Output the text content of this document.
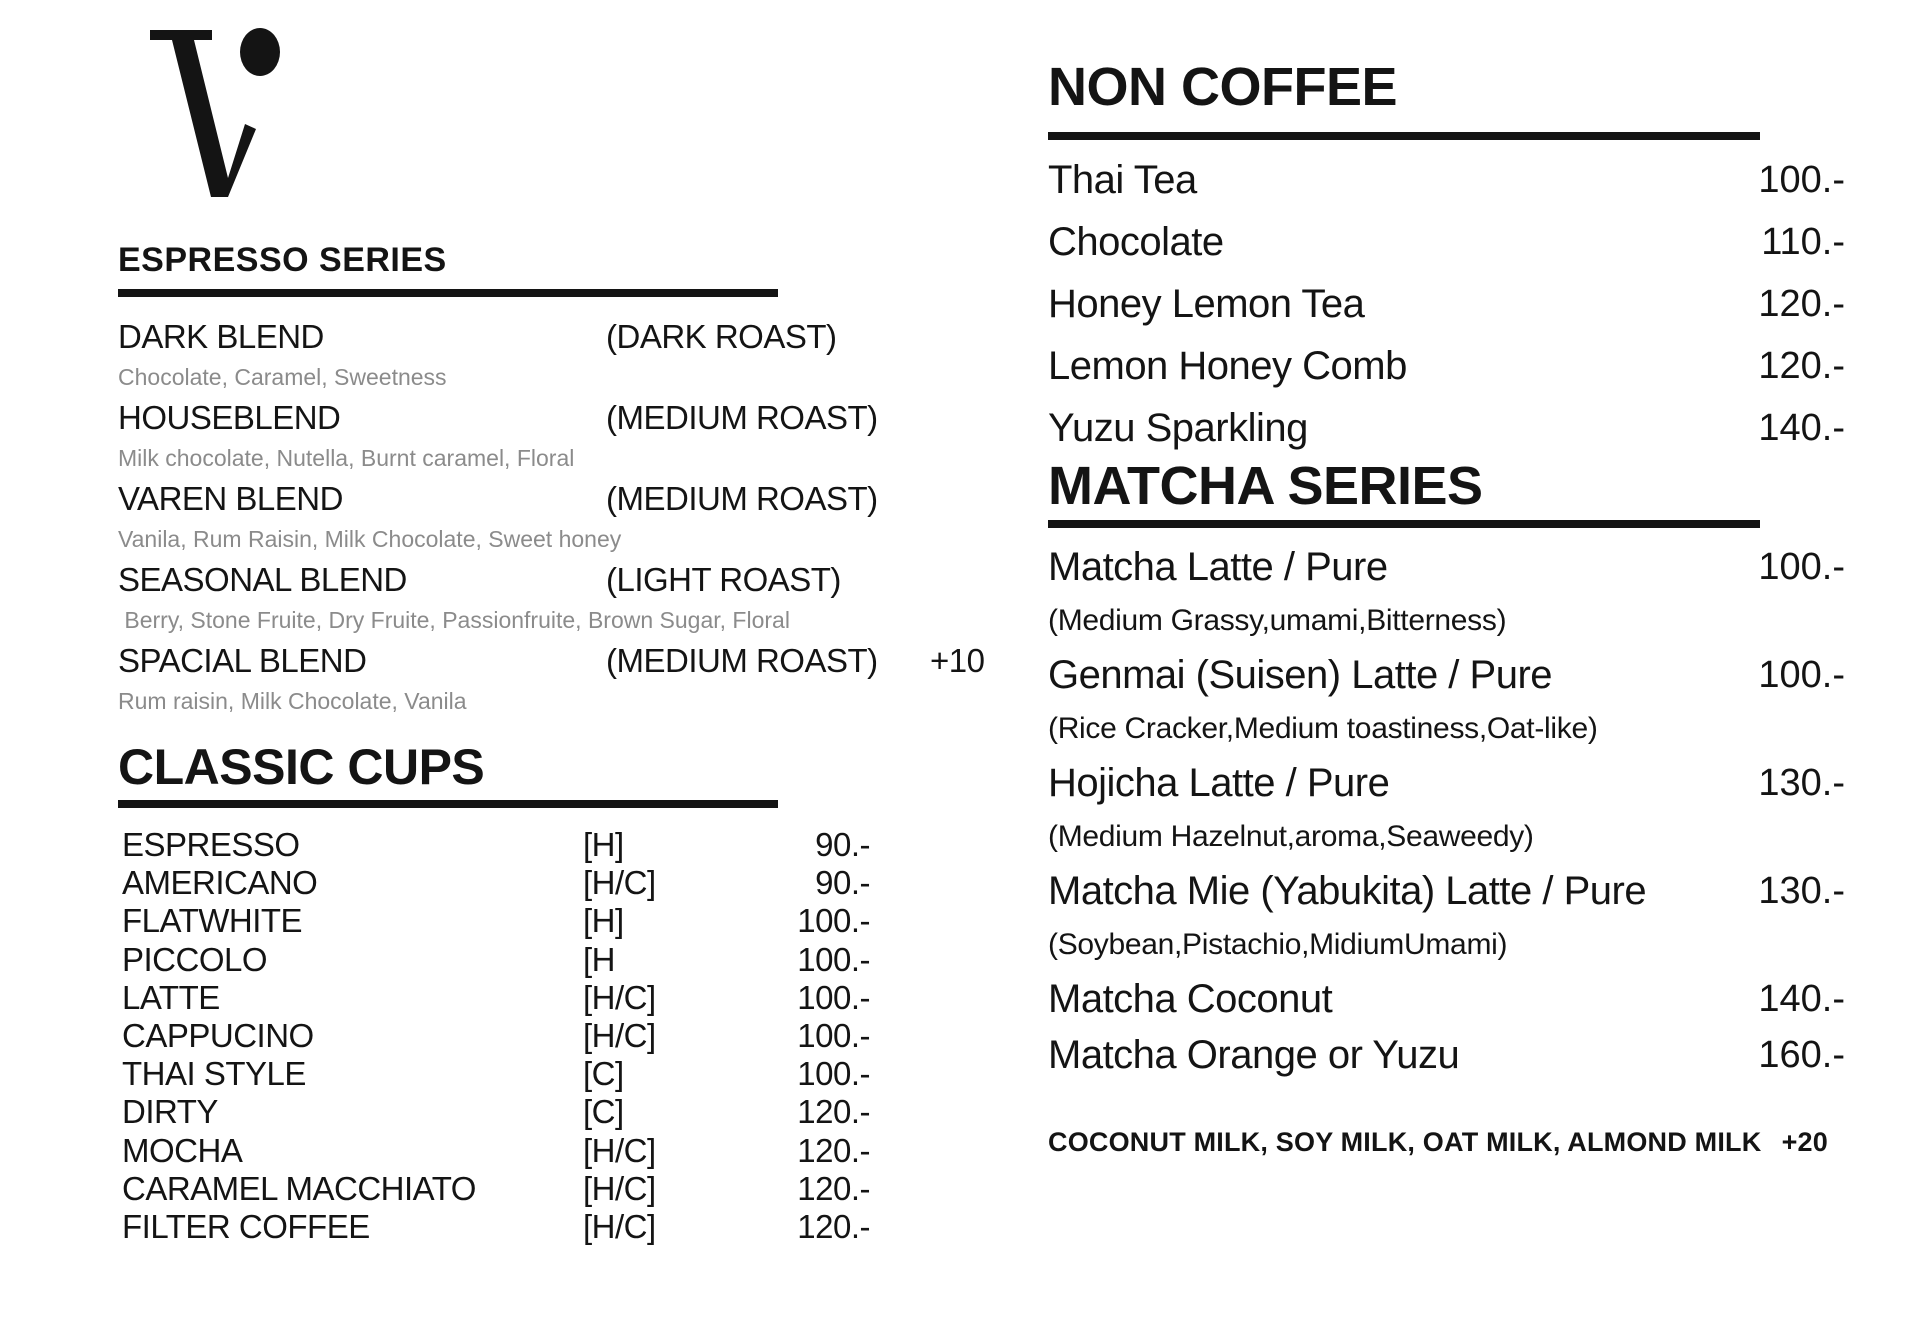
ESPRESSO SERIES
DARK BLEND	(DARK ROAST)
Chocolate, Caramel, Sweetness
HOUSEBLEND	(MEDIUM ROAST)
Milk chocolate, Nutella, Burnt caramel, Floral
VAREN BLEND	(MEDIUM ROAST)
Vanila, Rum Raisin, Milk Chocolate, Sweet honey
SEASONAL BLEND	(LIGHT ROAST)
Berry, Stone Fruite, Dry Fruite, Passionfruite, Brown Sugar, Floral
SPACIAL BLEND	(MEDIUM ROAST) +10
Rum raisin, Milk Chocolate, Vanila
CLASSIC CUPS
ESPRESSO	[H]	90.-
AMERICANO	[H/C]	90.-
FLATWHITE	[H]	100.-
PICCOLO	[H	100.-
LATTE	[H/C]	100.-
CAPPUCINO	[H/C]	100.-
THAI STYLE	[C]	100.-
DIRTY	[C]	120.-
MOCHA	[H/C]	120.-
CARAMEL MACCHIATO	[H/C]	120.-
FILTER COFFEE	[H/C]	120.-
NON COFFEE
Thai Tea	100.-
Chocolate	110.-
Honey Lemon Tea	120.-
Lemon Honey Comb	120.-
Yuzu Sparkling	140.-
MATCHA SERIES
Matcha Latte / Pure	100.-
(Medium Grassy,umami,Bitterness)
Genmai (Suisen) Latte / Pure	100.-
(Rice Cracker,Medium toastiness,Oat-like)
Hojicha Latte / Pure	130.-
(Medium Hazelnut,aroma,Seaweedy)
Matcha Mie (Yabukita) Latte / Pure	130.-
(Soybean,Pistachio,MidiumUmami)
Matcha Coconut	140.-
Matcha Orange or Yuzu	160.-
COCONUT MILK, SOY MILK, OAT MILK, ALMOND MILK +20
